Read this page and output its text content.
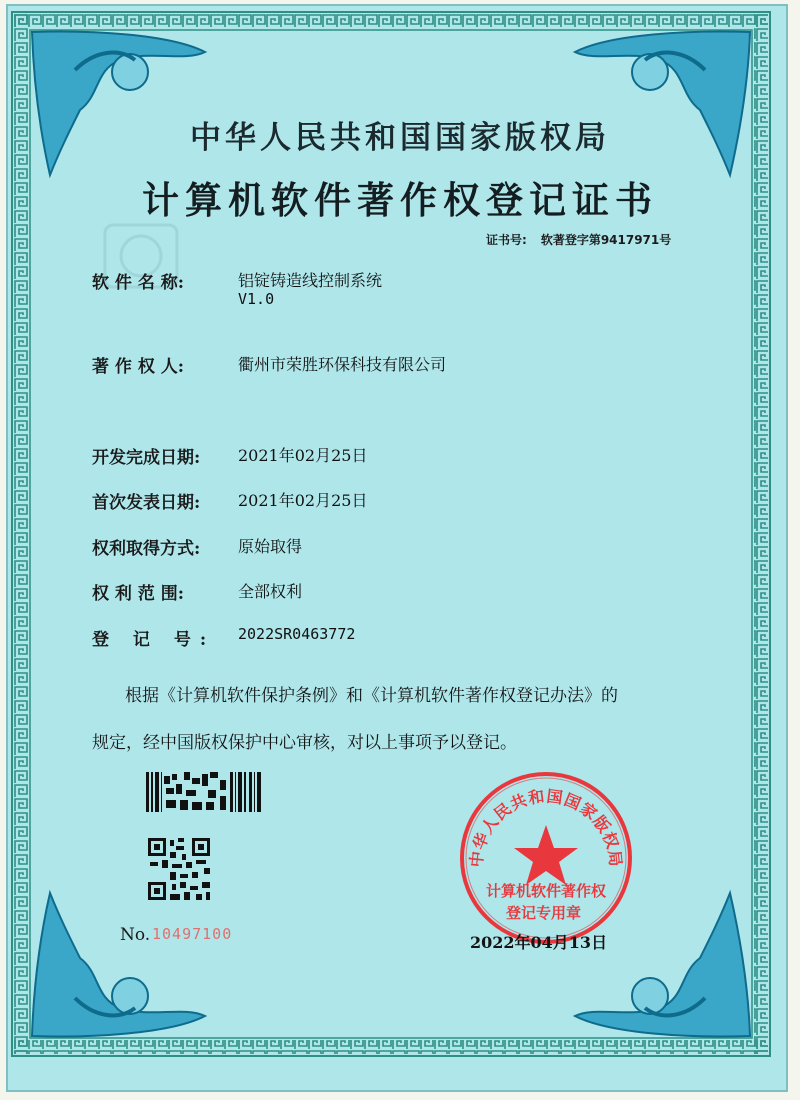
中华人民共和国国家版权局
计算机软件著作权登记证书
证书号: 软著登字第9417971号
软 件 名 称:	铝锭铸造线控制系统
V1.0
著 作 权 人:	衢州市荣胜环保科技有限公司
开发完成日期: 2021年02月25日
首次发表日期: 2021年02月25日
权利取得方式: 原始取得
权 利 范 围:	全部权利
登 记 号: 2022SR0463772
根据《计算机软件保护条例》和《计算机软件著作权登记办法》的
规定，经中国版权保护中心审核，对以上事项予以登记。
No. 10497100
中华人民共和国国家版权局
计算机软件著作权
登记专用章
2022年04月13日
